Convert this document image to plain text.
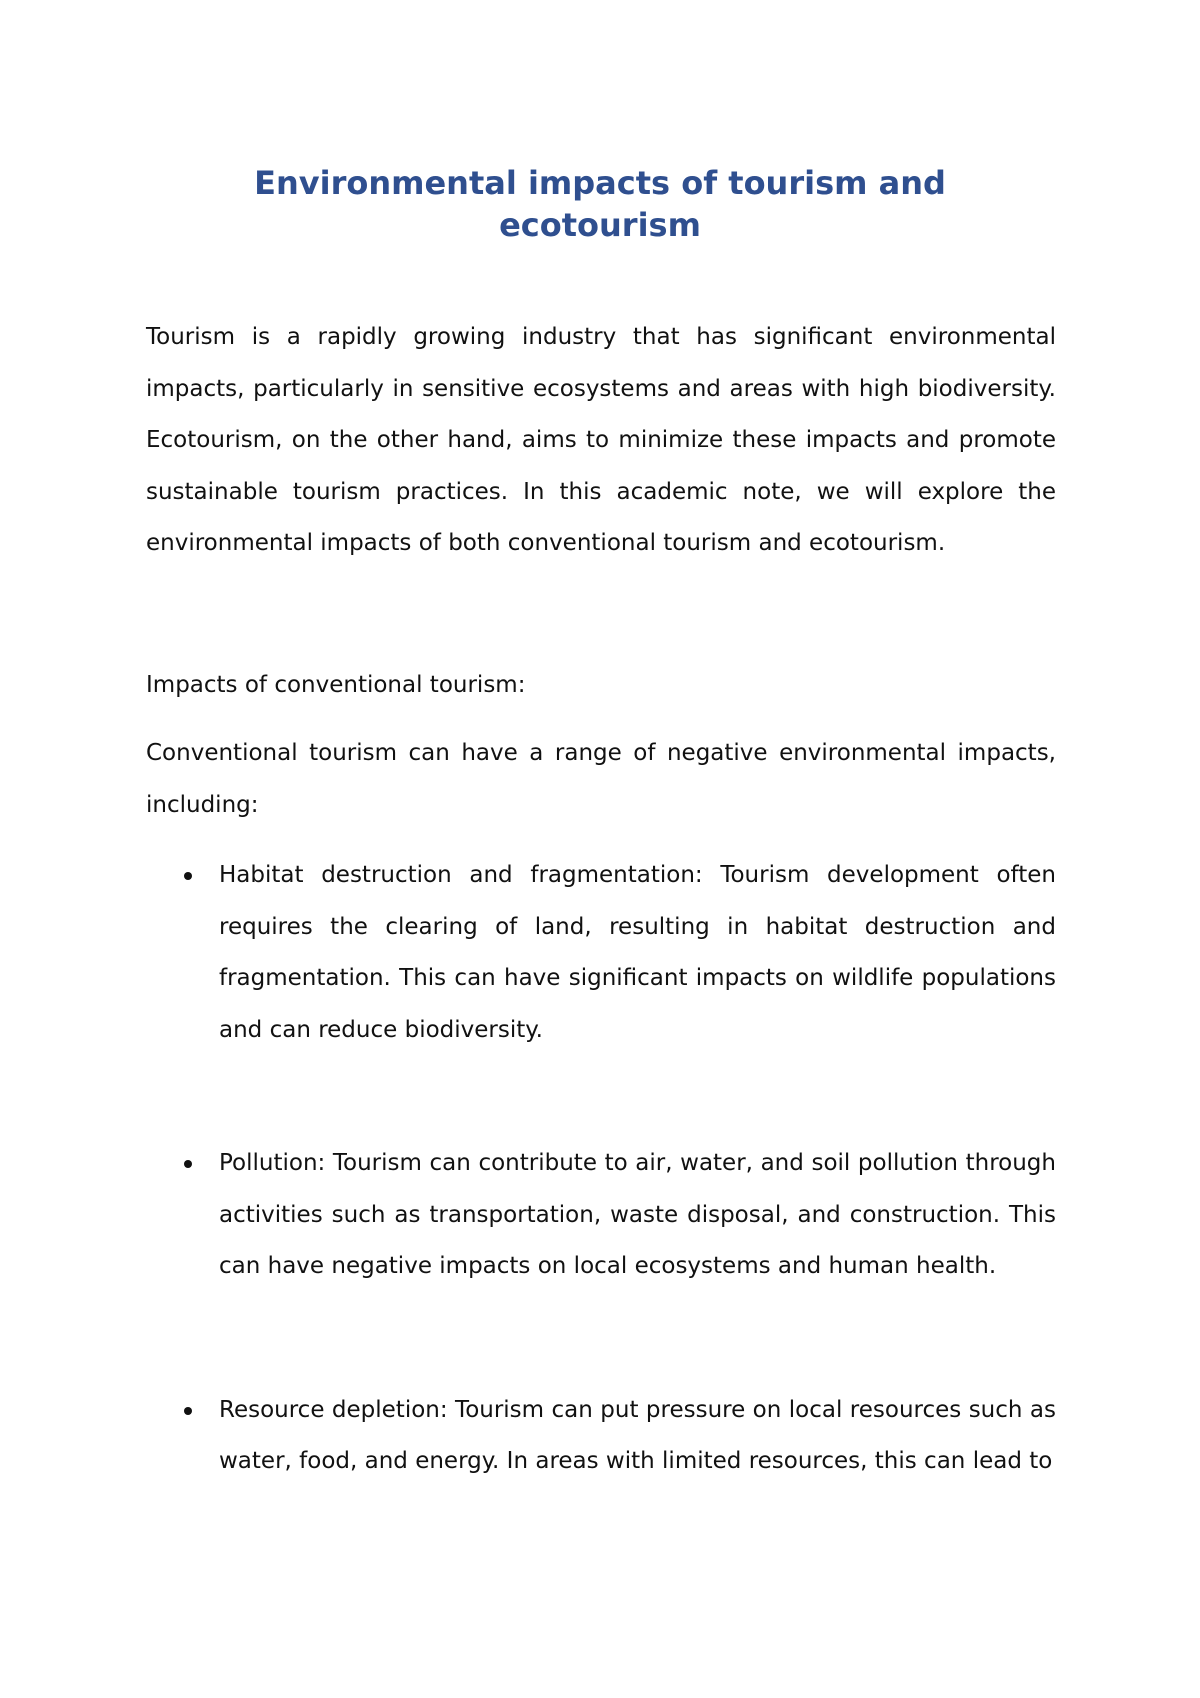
Environmental impacts of tourism and
ecotourism

Tourism is a rapidly growing industry that has significant environmental impacts, particularly in sensitive ecosystems and areas with high biodiversity. Ecotourism, on the other hand, aims to minimize these impacts and promote sustainable tourism practices. In this academic note, we will explore the environmental impacts of both conventional tourism and ecotourism.

Impacts of conventional tourism:

Conventional tourism can have a range of negative environmental impacts, including:

Habitat destruction and fragmentation: Tourism development often requires the clearing of land, resulting in habitat destruction and fragmentation. This can have significant impacts on wildlife populations and can reduce biodiversity.
Pollution: Tourism can contribute to air, water, and soil pollution through activities such as transportation, waste disposal, and construction. This can have negative impacts on local ecosystems and human health.
Resource depletion: Tourism can put pressure on local resources such as water, food, and energy. In areas with limited resources, this can lead to
